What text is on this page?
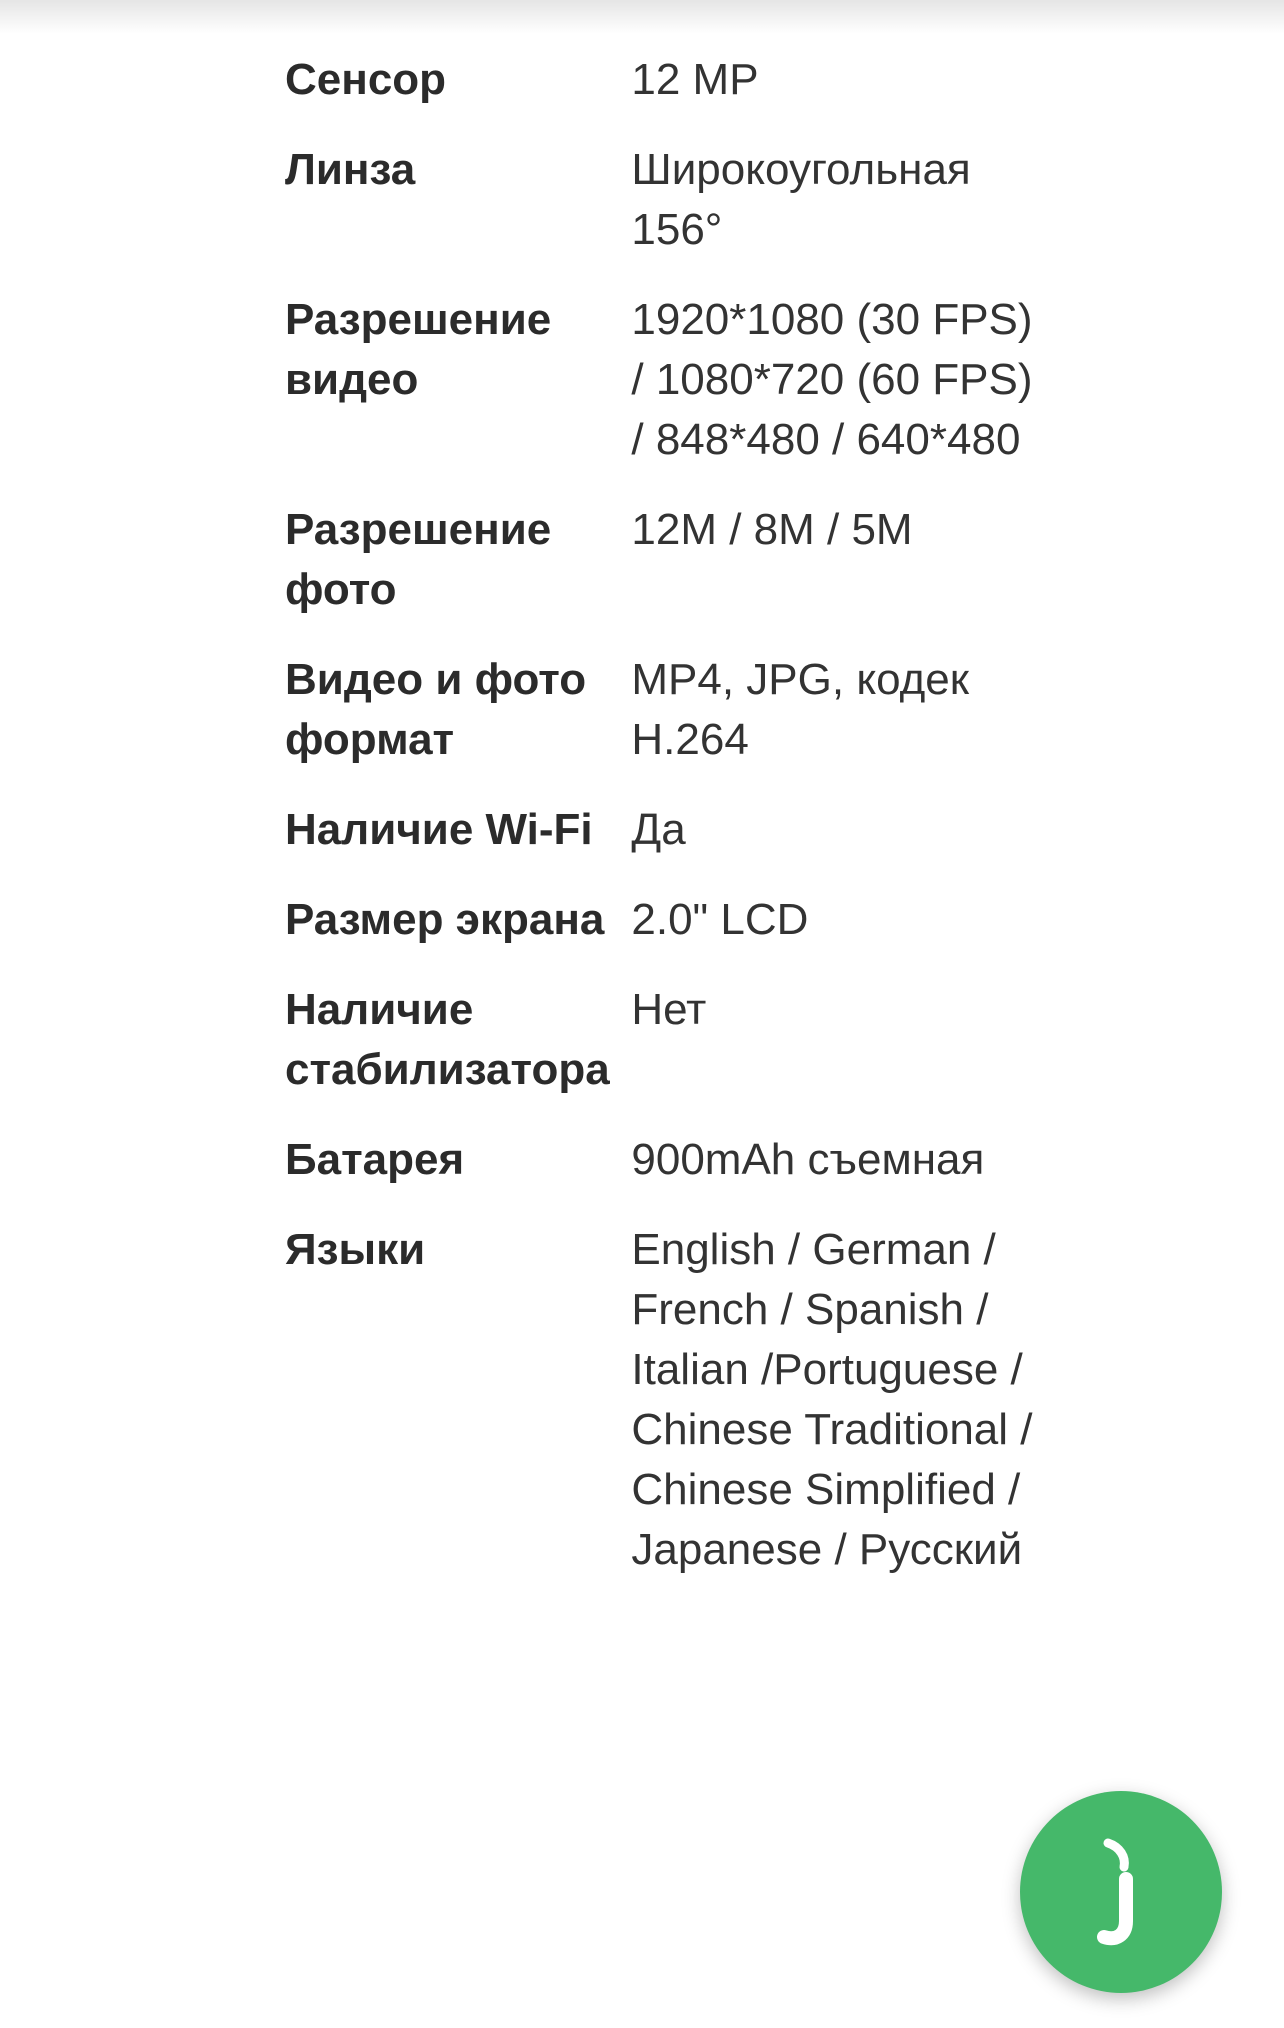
Сенсор	12 MP
Линза	Широкоугольная 156°
Разрешение видео	1920*1080 (30 FPS) / 1080*720 (60 FPS) / 848*480 / 640*480
Разрешение фото	12M / 8M / 5M
Видео и фото формат	MP4, JPG, кодек H.264
Наличие Wi-Fi	Да
Размер экрана	2.0" LCD
Наличие стабилизатора	Нет
Батарея	900mAh съемная
Языки	English / German / French / Spanish / Italian /Portuguese / Chinese Traditional / Chinese Simplified / Japanese / Русский
